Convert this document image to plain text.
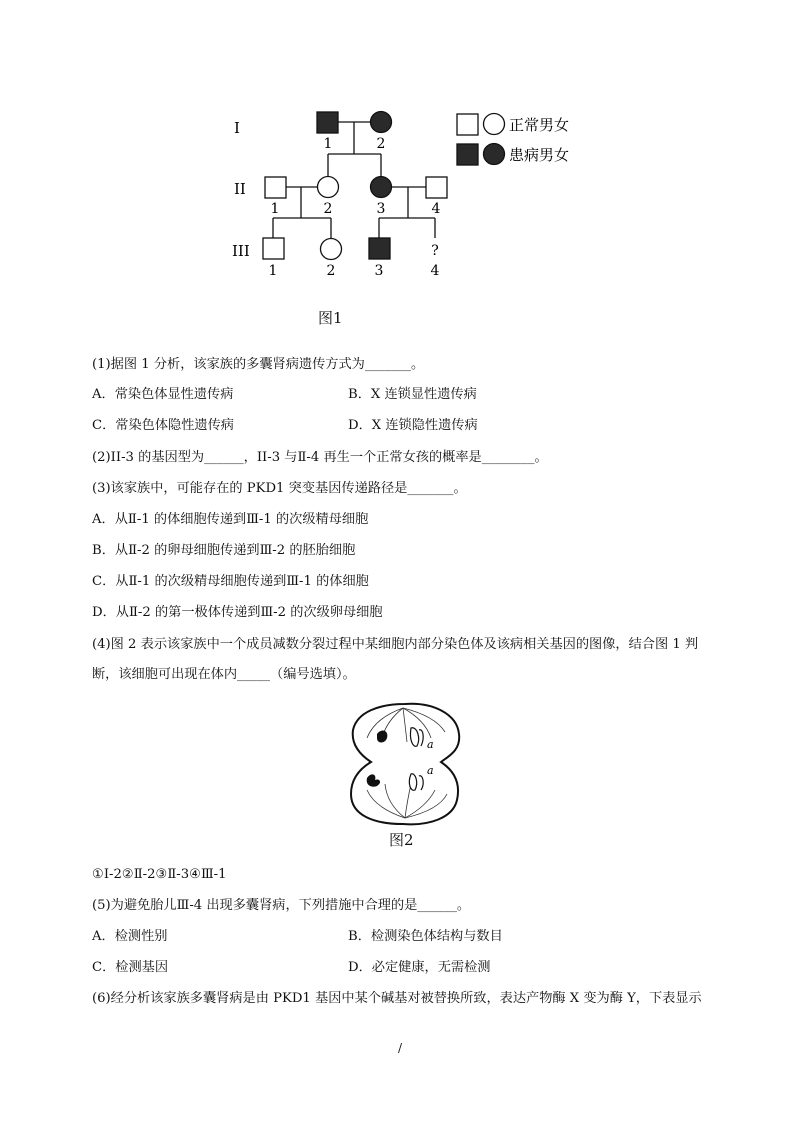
?
I
II
III
1	2
1	2	3	4
1	2	3	4
正常男女
患病男女
图1
(1)据图 1 分析，该家族的多囊肾病遗传方式为_______。
A．常染色体显性遗传病	B．X 连锁显性遗传病
C．常染色体隐性遗传病	D．X 连锁隐性遗传病
(2)II-3 的基因型为______，II-3 与Ⅱ-4 再生一个正常女孩的概率是________。
(3)该家族中，可能存在的 PKD1 突变基因传递路径是_______。
A．从Ⅱ-1 的体细胞传递到Ⅲ-1 的次级精母细胞
B．从Ⅱ-2 的卵母细胞传递到Ⅲ-2 的胚胎细胞
C．从Ⅱ-1 的次级精母细胞传递到Ⅲ-1 的体细胞
D．从Ⅱ-2 的第一极体传递到Ⅲ-2 的次级卵母细胞
(4)图 2 表示该家族中一个成员减数分裂过程中某细胞内部分染色体及该病相关基因的图像，结合图 1 判
断，该细胞可出现在体内_____（编号选填）。
a
a
图2
①I-2②Ⅱ-2③Ⅱ-3④Ⅲ-1
(5)为避免胎儿Ⅲ-4 出现多囊肾病，下列措施中合理的是______。
A．检测性别	B．检测染色体结构与数目
C．检测基因	D．必定健康，无需检测
(6)经分析该家族多囊肾病是由 PKD1 基因中某个碱基对被替换所致，表达产物酶 X 变为酶 Y，下表显示
/
